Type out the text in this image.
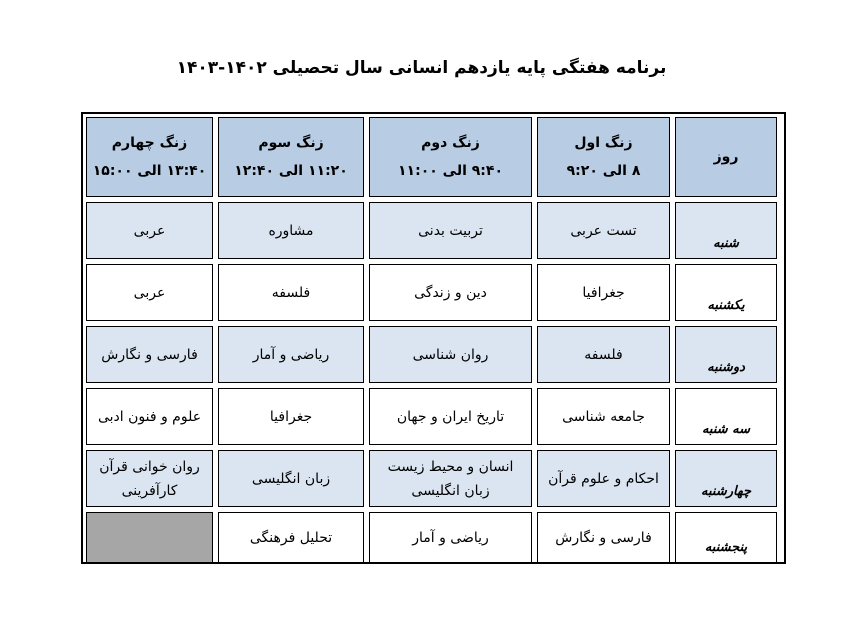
برنامه هفتگی پایه یازدهم انسانی سال تحصیلی ۱۴۰۲-۱۴۰۳
روز
زنگ اول
۸ الی ۹:۲۰
زنگ دوم
۹:۴۰ الی ۱۱:۰۰
زنگ سوم
۱۱:۲۰ الی ۱۲:۴۰
زنگ چهارم
۱۳:۴۰ الی ۱۵:۰۰
شنبه
تست عربی
تربیت بدنی
مشاوره
عربی
یکشنبه
جغرافیا
دین و زندگی
فلسفه
عربی
دوشنبه
فلسفه
روان شناسی
ریاضی و آمار
فارسی و نگارش
سه شنبه
جامعه شناسی
تاریخ ایران و جهان
جغرافیا
علوم و فنون ادبی
چهارشنبه
احکام و علوم قرآن
انسان و محیط زیست
زبان انگلیسی
زبان انگلیسی
روان خوانی قرآن
کارآفرینی
پنجشنبه
فارسی و نگارش
ریاضی و آمار
تحلیل فرهنگی
